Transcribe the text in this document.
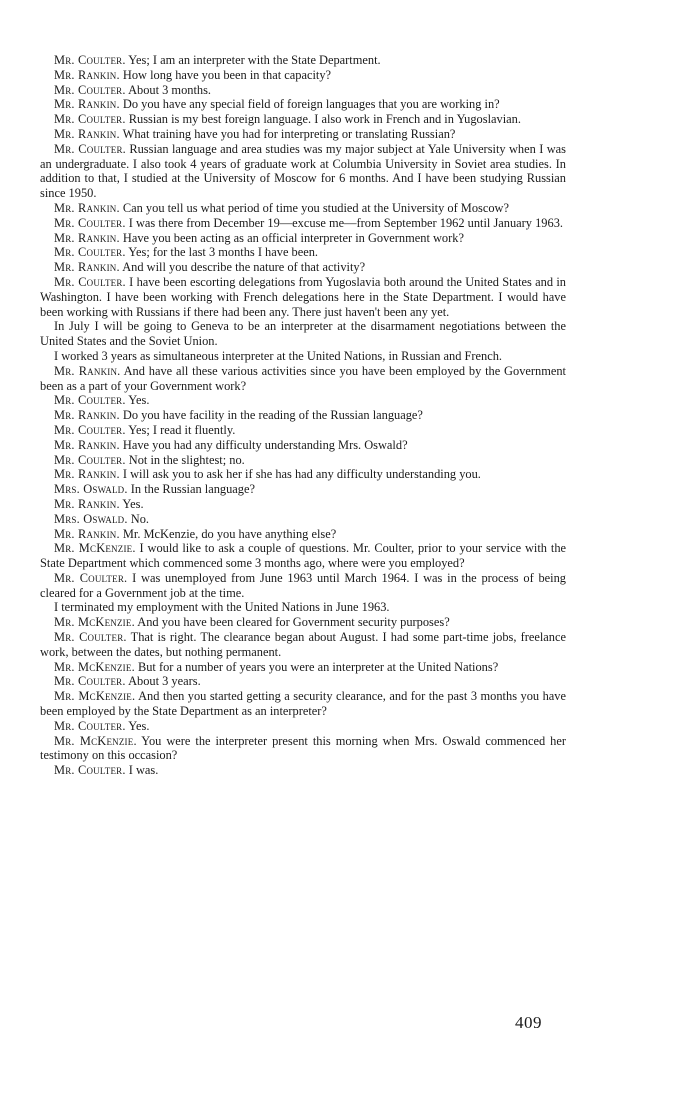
Mr. Coulter. Yes; I am an interpreter with the State Department.

Mr. Rankin. How long have you been in that capacity?

Mr. Coulter. About 3 months.

Mr. Rankin. Do you have any special field of foreign languages that you are working in?

Mr. Coulter. Russian is my best foreign language. I also work in French and in Yugoslavian.

Mr. Rankin. What training have you had for interpreting or translating Russian?

Mr. Coulter. Russian language and area studies was my major subject at Yale University when I was an undergraduate. I also took 4 years of graduate work at Columbia University in Soviet area studies. In addition to that, I studied at the University of Moscow for 6 months. And I have been studying Russian since 1950.

Mr. Rankin. Can you tell us what period of time you studied at the University of Moscow?

Mr. Coulter. I was there from December 19—excuse me—from September 1962 until January 1963.

Mr. Rankin. Have you been acting as an official interpreter in Government work?

Mr. Coulter. Yes; for the last 3 months I have been.

Mr. Rankin. And will you describe the nature of that activity?

Mr. Coulter. I have been escorting delegations from Yugoslavia both around the United States and in Washington. I have been working with French delegations here in the State Department. I would have been working with Russians if there had been any. There just haven't been any yet.

In July I will be going to Geneva to be an interpreter at the disarmament negotiations between the United States and the Soviet Union.

I worked 3 years as simultaneous interpreter at the United Nations, in Russian and French.

Mr. Rankin. And have all these various activities since you have been employed by the Government been as a part of your Government work?

Mr. Coulter. Yes.

Mr. Rankin. Do you have facility in the reading of the Russian language?

Mr. Coulter. Yes; I read it fluently.

Mr. Rankin. Have you had any difficulty understanding Mrs. Oswald?

Mr. Coulter. Not in the slightest; no.

Mr. Rankin. I will ask you to ask her if she has had any difficulty understanding you.

Mrs. Oswald. In the Russian language?

Mr. Rankin. Yes.

Mrs. Oswald. No.

Mr. Rankin. Mr. McKenzie, do you have anything else?

Mr. McKenzie. I would like to ask a couple of questions. Mr. Coulter, prior to your service with the State Department which commenced some 3 months ago, where were you employed?

Mr. Coulter. I was unemployed from June 1963 until March 1964. I was in the process of being cleared for a Government job at the time.

I terminated my employment with the United Nations in June 1963.

Mr. McKenzie. And you have been cleared for Government security purposes?

Mr. Coulter. That is right. The clearance began about August. I had some part-time jobs, freelance work, between the dates, but nothing permanent.

Mr. McKenzie. But for a number of years you were an interpreter at the United Nations?

Mr. Coulter. About 3 years.

Mr. McKenzie. And then you started getting a security clearance, and for the past 3 months you have been employed by the State Department as an interpreter?

Mr. Coulter. Yes.

Mr. McKenzie. You were the interpreter present this morning when Mrs. Oswald commenced her testimony on this occasion?

Mr. Coulter. I was.

409
